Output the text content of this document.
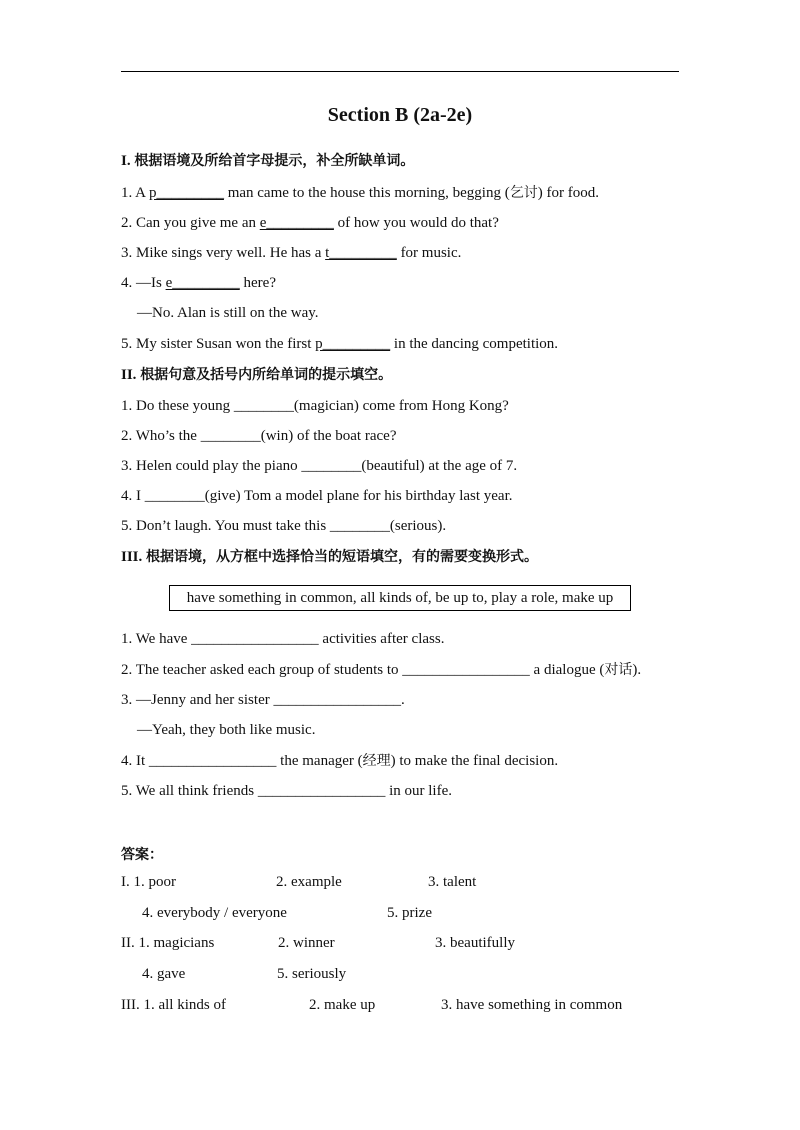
Section B (2a-2e)
I. 根据语境及所给首字母提示，补全所缺单词。
1. A p_________ man came to the house this morning, begging (乞讨) for food.
2. Can you give me an e_________ of how you would do that?
3. Mike sings very well. He has a t_________ for music.
4. —Is e_________ here?
—No. Alan is still on the way.
5. My sister Susan won the first p_________ in the dancing competition.
II. 根据句意及括号内所给单词的提示填空。
1. Do these young ________(magician) come from Hong Kong?
2. Who’s the ________(win) of the boat race?
3. Helen could play the piano ________(beautiful) at the age of 7.
4. I ________(give) Tom a model plane for his birthday last year.
5. Don’t laugh. You must take this ________(serious).
III. 根据语境，从方框中选择恰当的短语填空，有的需要变换形式。
have something in common, all kinds of, be up to, play a role, make up
1. We have _________________ activities after class.
2. The teacher asked each group of students to _________________ a dialogue (对话).
3. —Jenny and her sister _________________.
—Yeah, they both like music.
4. It _________________ the manager (经理) to make the final decision.
5. We all think friends _________________ in our life.
答案：
I. 1. poor	2. example	3. talent
4. everybody / everyone	5. prize
II. 1. magicians	2. winner	3. beautifully
4. gave	5. seriously
III. 1. all kinds of	2. make up	3. have something in common
